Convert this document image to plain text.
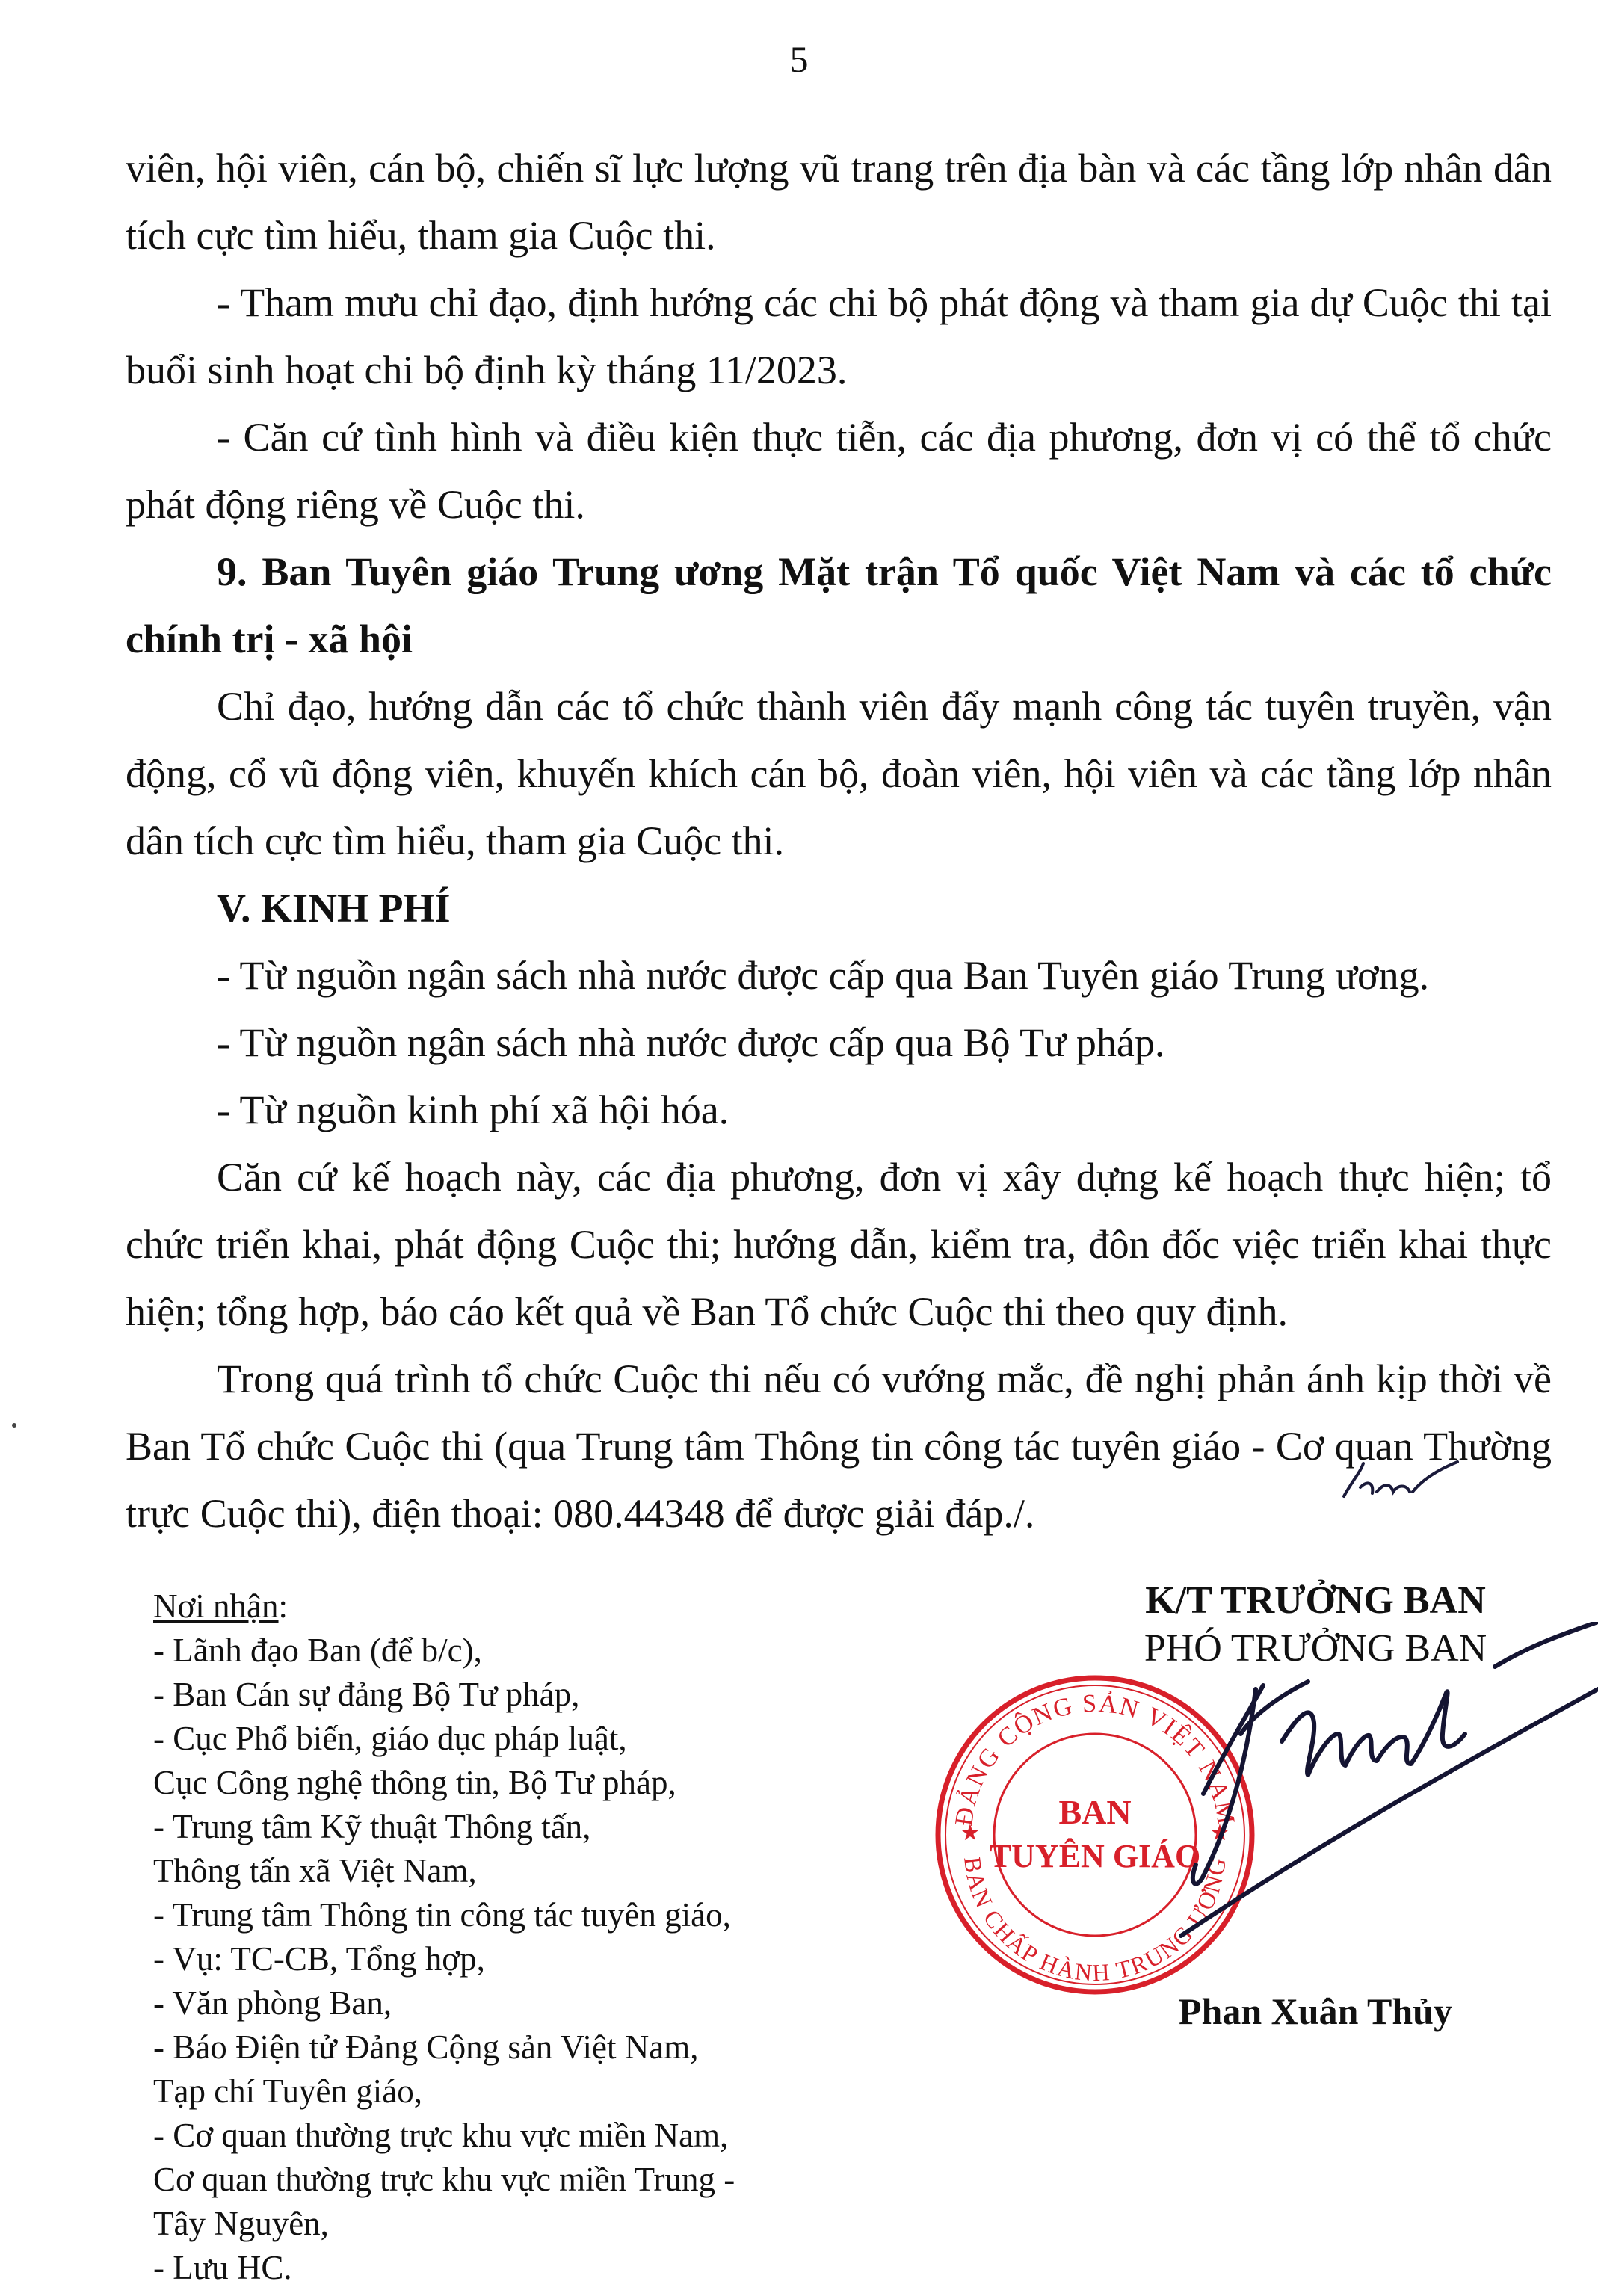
5

viên, hội viên, cán bộ, chiến sĩ lực lượng vũ trang trên địa bàn và các tầng lớp nhân dân tích cực tìm hiểu, tham gia Cuộc thi.

- Tham mưu chỉ đạo, định hướng các chi bộ phát động và tham gia dự Cuộc thi tại buổi sinh hoạt chi bộ định kỳ tháng 11/2023.

- Căn cứ tình hình và điều kiện thực tiễn, các địa phương, đơn vị có thể tổ chức phát động riêng về Cuộc thi.

9. Ban Tuyên giáo Trung ương Mặt trận Tổ quốc Việt Nam và các tổ chức chính trị - xã hội

Chỉ đạo, hướng dẫn các tổ chức thành viên đẩy mạnh công tác tuyên truyền, vận động, cổ vũ động viên, khuyến khích cán bộ, đoàn viên, hội viên và các tầng lớp nhân dân tích cực tìm hiểu, tham gia Cuộc thi.

V. KINH PHÍ

- Từ nguồn ngân sách nhà nước được cấp qua Ban Tuyên giáo Trung ương.

- Từ nguồn ngân sách nhà nước được cấp qua Bộ Tư pháp.

- Từ nguồn kinh phí xã hội hóa.

Căn cứ kế hoạch này, các địa phương, đơn vị xây dựng kế hoạch thực hiện; tổ chức triển khai, phát động Cuộc thi; hướng dẫn, kiểm tra, đôn đốc việc triển khai thực hiện; tổng hợp, báo cáo kết quả về Ban Tổ chức Cuộc thi theo quy định.

Trong quá trình tổ chức Cuộc thi nếu có vướng mắc, đề nghị phản ánh kịp thời về Ban Tổ chức Cuộc thi (qua Trung tâm Thông tin công tác tuyên giáo - Cơ quan Thường trực Cuộc thi), điện thoại: 080.44348 để được giải đáp./.

Nơi nhận:
- Lãnh đạo Ban (để b/c),
- Ban Cán sự đảng Bộ Tư pháp,
- Cục Phổ biến, giáo dục pháp luật,
Cục Công nghệ thông tin, Bộ Tư pháp,
- Trung tâm Kỹ thuật Thông tấn,
Thông tấn xã Việt Nam,
- Trung tâm Thông tin công tác tuyên giáo,
- Vụ: TC-CB, Tổng hợp,
- Văn phòng Ban,
- Báo Điện tử Đảng Cộng sản Việt Nam,
Tạp chí Tuyên giáo,
- Cơ quan thường trực khu vực miền Nam,
Cơ quan thường trực khu vực miền Trung -
Tây Nguyên,
- Lưu HC.
K/T TRƯỞNG BAN
PHÓ TRƯỞNG BAN
ĐẢNG CỘNG SẢN VIỆT NAM
BAN CHẤP HÀNH TRUNG ƯƠNG
★	★
BAN
TUYÊN GIÁO
Phan Xuân Thủy
